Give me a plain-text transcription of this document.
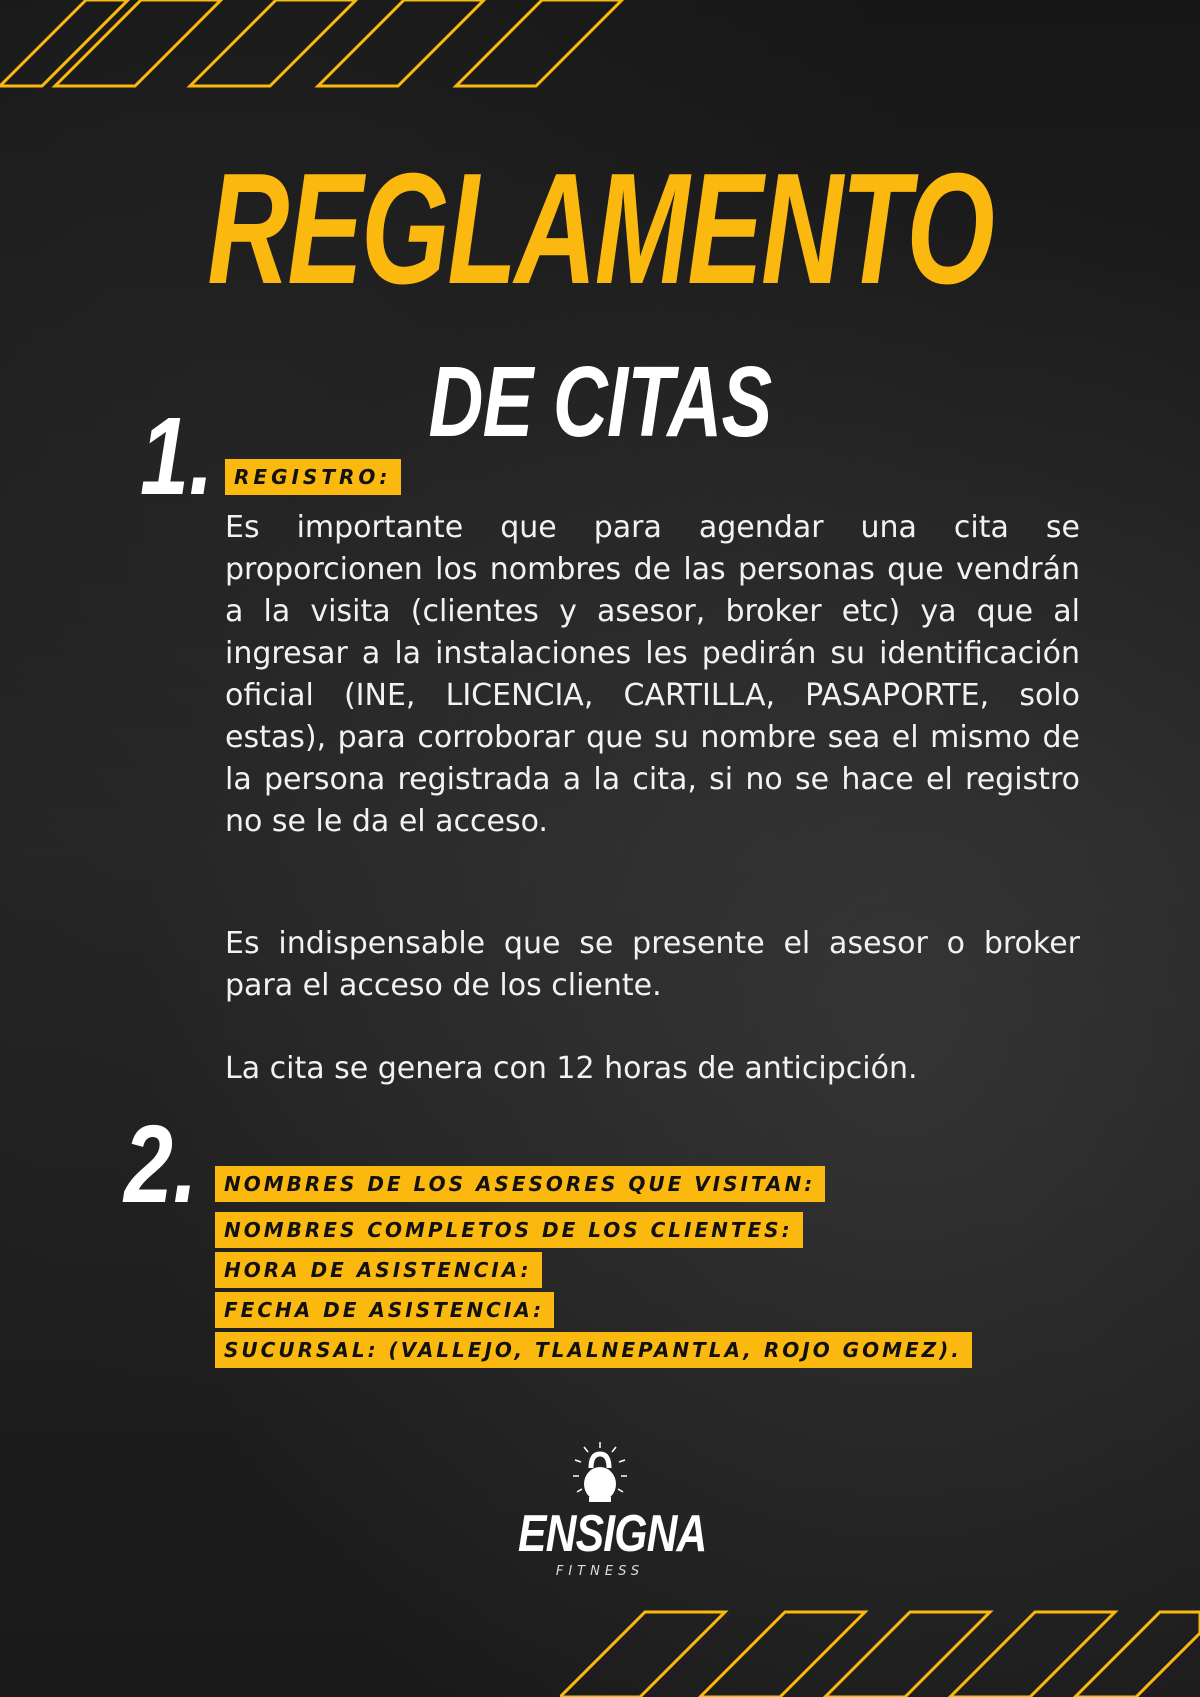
REGLAMENTO
DE CITAS
1.	REGISTRO:

Es importante que para agendar una cita se proporcionen los nombres de las personas que vendrán a la visita (clientes y asesor, broker etc) ya que al ingresar a la instalaciones les pedirán su identificación oficial (INE, LICENCIA, CARTILLA, PASAPORTE, solo estas), para corroborar que su nombre sea el mismo de la persona registrada a la cita, si no se hace el registro no se le da el acceso.

Es indispensable que se presente el asesor o broker para el acceso de los cliente.

La cita se genera con 12 horas de anticipción.

2.	NOMBRES DE LOS ASESORES QUE VISITAN:
NOMBRES COMPLETOS DE LOS CLIENTES:
HORA DE ASISTENCIA:
FECHA DE ASISTENCIA:
SUCURSAL: (VALLEJO, TLALNEPANTLA, ROJO GOMEZ).
ENSIGNA
FITNESS
